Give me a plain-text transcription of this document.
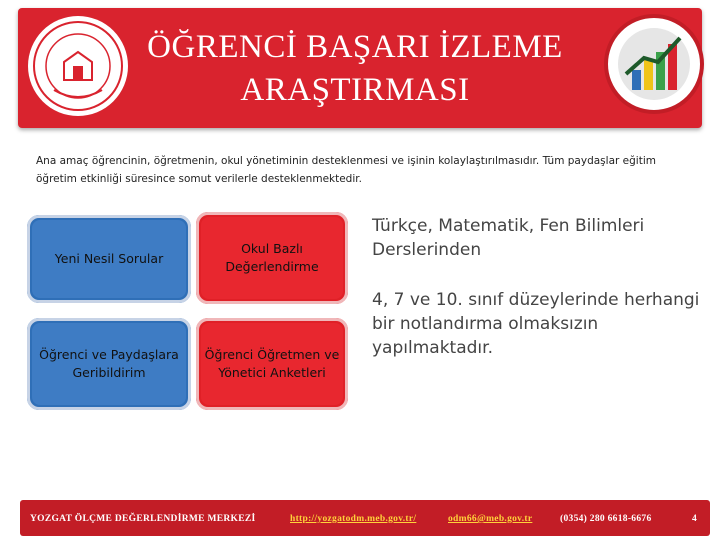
ÖĞRENCİ BAŞARI İZLEME
ARAŞTIRMASI
Ana amaç öğrencinin, öğretmenin, okul yönetiminin desteklenmesi ve işinin kolaylaştırılmasıdır. Tüm paydaşlar eğitim öğretim etkinliği süresince somut verilerle desteklenmektedir.
Yeni Nesil Sorular
Okul Bazlı Değerlendirme
Öğrenci ve Paydaşlara Geribildirim
Öğrenci Öğretmen ve Yönetici Anketleri
Türkçe, Matematik, Fen Bilimleri Derslerinden
4, 7 ve 10. sınıf düzeylerinde herhangi bir notlandırma olmaksızın yapılmaktadır.
YOZGAT ÖLÇME DEĞERLENDİRME MERKEZİ	http://yozgatodm.meb.gov.tr/	odm66@meb.gov.tr	(0354) 280 6618-6676	4
